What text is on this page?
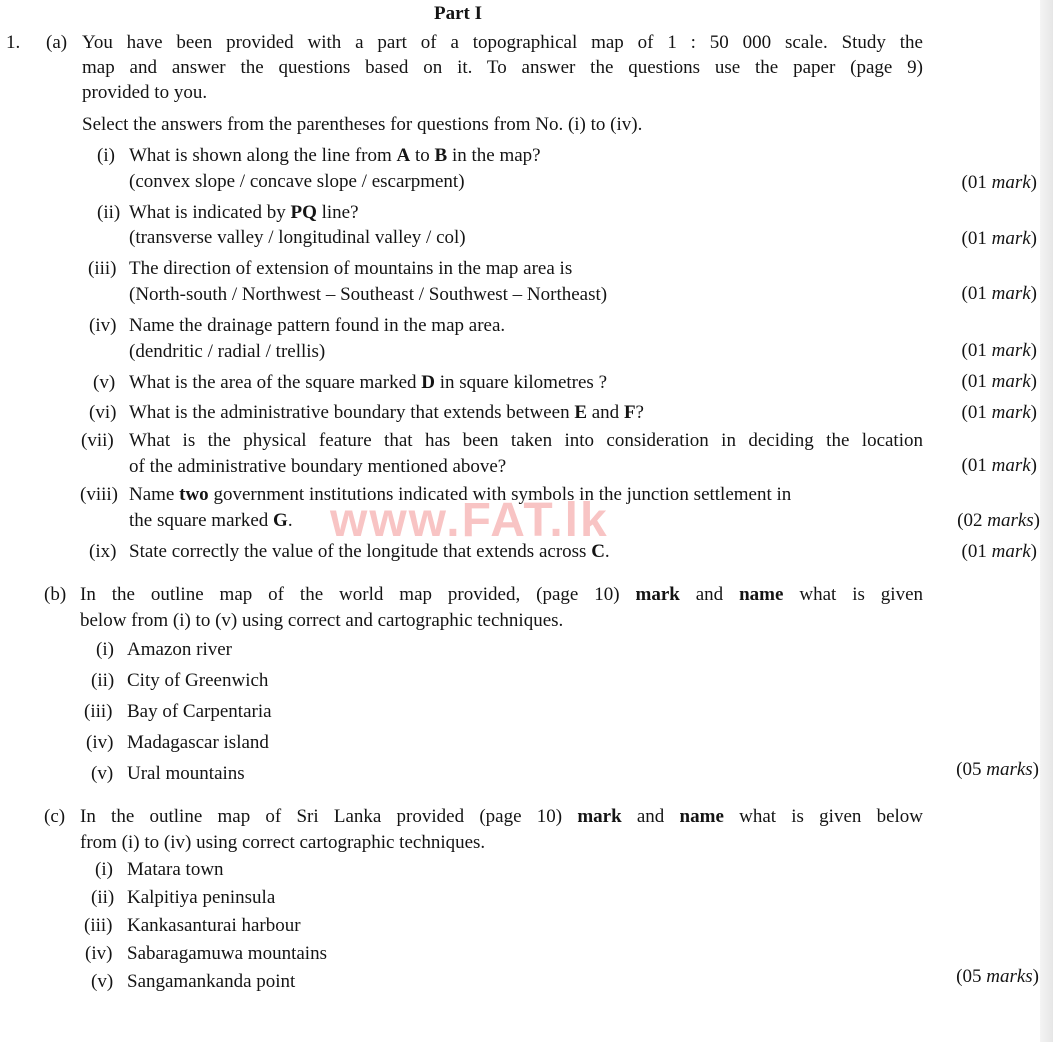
Part I
1. (a) You have been provided with a part of a topographical map of 1 : 50 000 scale. Study the
map and answer the questions based on it. To answer the questions use the paper (page 9)
provided to you.
Select the answers from the parentheses for questions from No. (i) to (iv).
(i) What is shown along the line from A to B in the map?
(convex slope / concave slope / escarpment)	(01 mark)
(ii) What is indicated by PQ line?
(transverse valley / longitudinal valley / col)	(01 mark)
(iii) The direction of extension of mountains in the map area is
(North-south / Northwest – Southeast / Southwest – Northeast)	(01 mark)
(iv) Name the drainage pattern found in the map area.
(dendritic / radial / trellis)	(01 mark)
(v) What is the area of the square marked D in square kilometres ?	(01 mark)
(vi) What is the administrative boundary that extends between E and F?	(01 mark)
(vii) What is the physical feature that has been taken into consideration in deciding the location
of the administrative boundary mentioned above?	(01 mark)
(viii) Name two government institutions indicated with symbols in the junction settlement in
the square marked G.	(02 marks)
(ix) State correctly the value of the longitude that extends across C.	(01 mark)
(b) In the outline map of the world map provided, (page 10) mark and name what is given
below from (i) to (v) using correct and cartographic techniques.
(i) Amazon river
(ii) City of Greenwich
(iii) Bay of Carpentaria
(iv) Madagascar island
(v) Ural mountains	(05 marks)
(c) In the outline map of Sri Lanka provided (page 10) mark and name what is given below
from (i) to (iv) using correct cartographic techniques.
(i) Matara town
(ii) Kalpitiya peninsula
(iii) Kankasanturai harbour
(iv) Sabaragamuwa mountains
(v) Sangamankanda point	(05 marks)
www.FAT.lk
